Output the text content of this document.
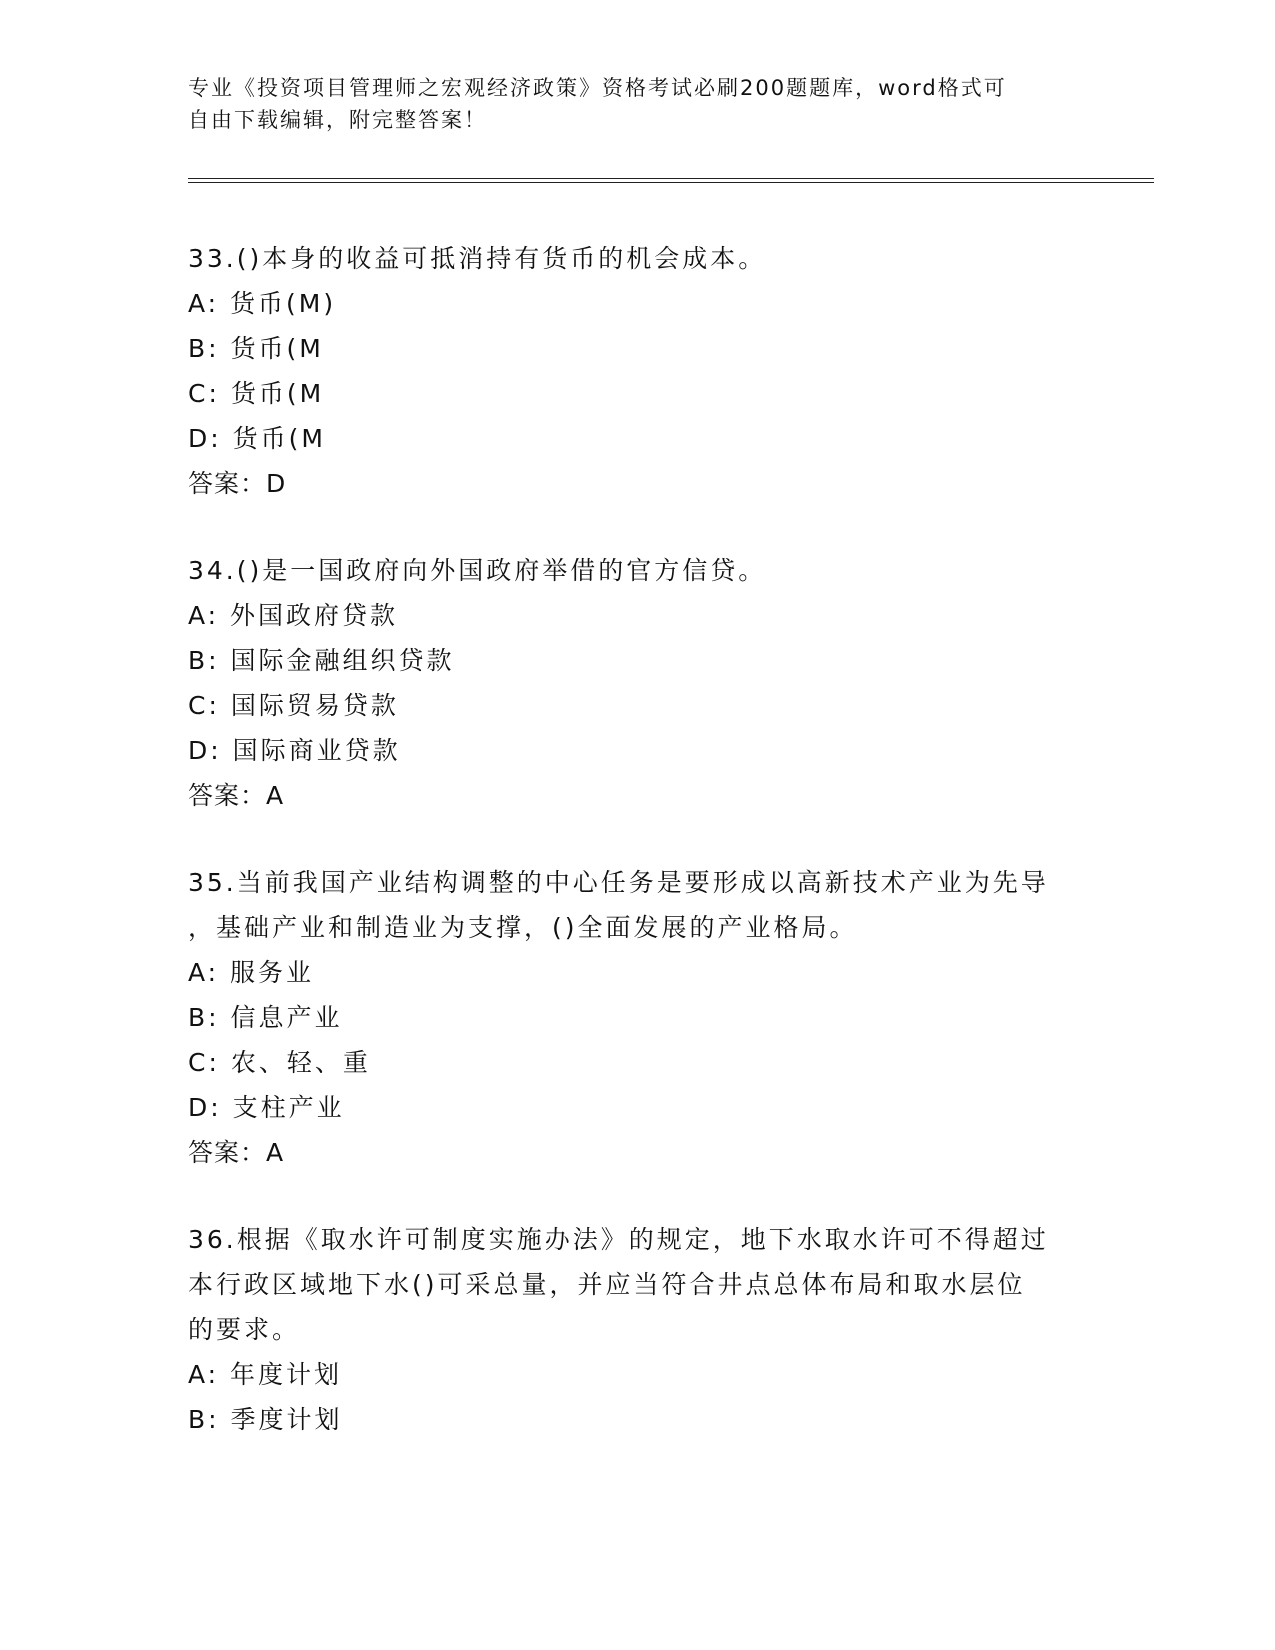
专业《投资项目管理师之宏观经济政策》资格考试必刷200题题库，word格式可
自由下载编辑，附完整答案！

33.()本身的收益可抵消持有货币的机会成本。

A: 货币(M)

B: 货币(M

C: 货币(M

D: 货币(M

答案：D

34.()是一国政府向外国政府举借的官方信贷。

A: 外国政府贷款

B: 国际金融组织贷款

C: 国际贸易贷款

D: 国际商业贷款

答案：A

35.当前我国产业结构调整的中心任务是要形成以高新技术产业为先导

，基础产业和制造业为支撑，()全面发展的产业格局。

A: 服务业

B: 信息产业

C: 农、轻、重

D: 支柱产业

答案：A

36.根据《取水许可制度实施办法》的规定，地下水取水许可不得超过

本行政区域地下水()可采总量，并应当符合井点总体布局和取水层位

的要求。

A: 年度计划

B: 季度计划
